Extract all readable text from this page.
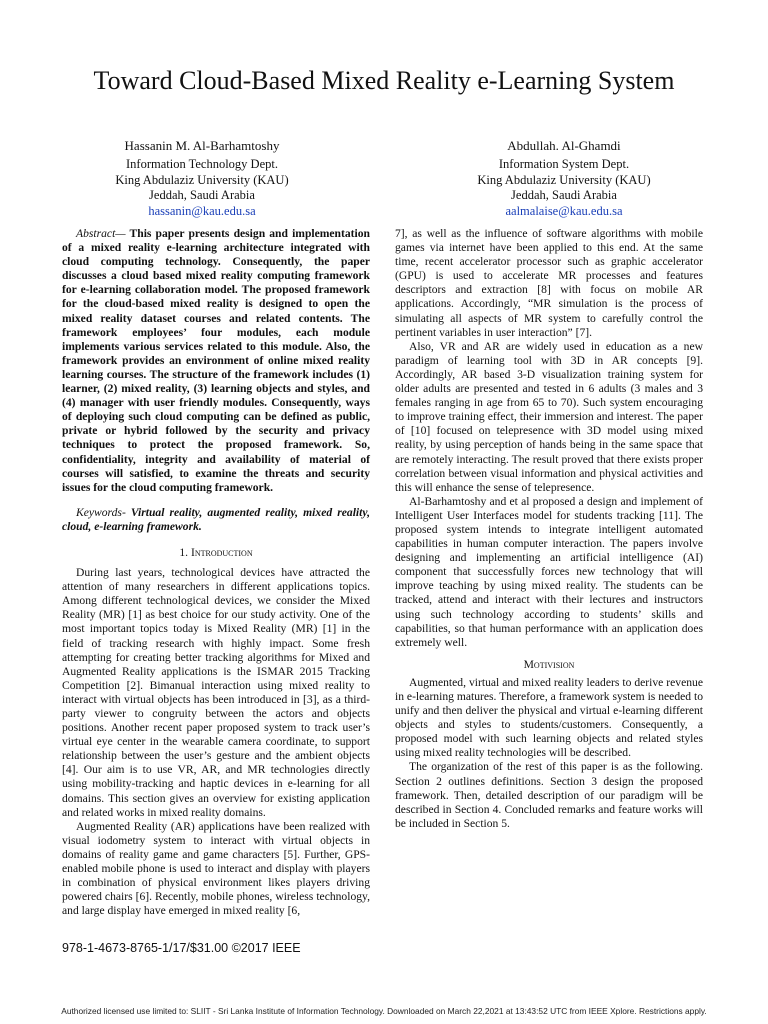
Toward Cloud-Based Mixed Reality e-Learning System
Hassanin M. Al-Barhamtoshy
Information Technology Dept.
King Abdulaziz University (KAU)
Jeddah, Saudi Arabia
hassanin@kau.edu.sa
Abdullah. Al-Ghamdi
Information System Dept.
King Abdulaziz University (KAU)
Jeddah, Saudi Arabia
aalmalaise@kau.edu.sa

Abstract— This paper presents design and implementation of a mixed reality e-learning architecture integrated with cloud computing technology. Consequently, the paper discusses a cloud based mixed reality computing framework for e-learning collaboration model. The proposed framework for the cloud-based mixed reality is designed to open the mixed reality dataset courses and related contents. The framework employees’ four modules, each module implements various services related to this module. Also, the framework provides an environment of online mixed reality learning courses. The structure of the framework includes (1) learner, (2) mixed reality, (3) learning objects and styles, and (4) manager with user friendly modules. Consequently, ways of deploying such cloud computing can be defined as public, private or hybrid followed by the security and privacy techniques to protect the proposed framework. So, confidentiality, integrity and availability of material of courses will satisfied, to examine the threats and security issues for the cloud computing framework.

Keywords- Virtual reality, augmented reality, mixed reality, cloud, e-learning framework.

1. Introduction

During last years, technological devices have attracted the attention of many researchers in different applications topics. Among different technological devices, we consider the Mixed Reality (MR) [1] as best choice for our study activity. One of the most important topics today is Mixed Reality (MR) [1] in the field of tracking research with highly impact. Some fresh attempting for creating better tracking algorithms for Mixed and Augmented Reality applications is the ISMAR 2015 Tracking Competition [2]. Bimanual interaction using mixed reality to interact with virtual objects has been introduced in [3], as a third-party viewer to congruity between the actors and objects positions. Another recent paper proposed system to track user’s virtual eye center in the wearable camera coordinate, to support relationship between the user’s gesture and the ambient objects [4]. Our aim is to use VR, AR, and MR technologies directly using mobility-tracking and haptic devices in e-learning for all domains. This section gives an overview for existing application and related works in mixed reality domains.

Augmented Reality (AR) applications have been realized with visual iodometry system to interact with virtual objects in domains of reality game and game characters [5]. Further, GPS-enabled mobile phone is used to interact and display with players in combination of physical environment likes players driving powered chairs [6]. Recently, mobile phones, wireless technology, and large display have emerged in mixed reality [6,

7], as well as the influence of software algorithms with mobile games via internet have been applied to this end. At the same time, recent accelerator processor such as graphic accelerator (GPU) is used to accelerate MR processes and features descriptors and extraction [8] with focus on mobile AR applications. Accordingly, “MR simulation is the process of simulating all aspects of MR system to carefully control the pertinent variables in user interaction” [7].

Also, VR and AR are widely used in education as a new paradigm of learning tool with 3D in AR concepts [9]. Accordingly, AR based 3-D visualization training system for older adults are presented and tested in 6 adults (3 males and 3 females ranging in age from 65 to 70). Such system encouraging to improve training effect, their immersion and interest. The paper of [10] focused on telepresence with 3D model using mixed reality, by using perception of hands being in the same space that are remotely interacting. The result proved that there exists proper correlation between visual information and physical activities and this will enhance the sense of telepresence.

Al-Barhamtoshy and et al proposed a design and implement of Intelligent User Interfaces model for students tracking [11]. The proposed system intends to integrate intelligent automated capabilities in human computer interaction. The papers involve designing and implementing an artificial intelligence (AI) component that successfully forces new technology that will improve teaching by using mixed reality. The students can be tracked, attend and interact with their lectures and instructors using such technology according to students’ skills and capabilities, so that human performance with an application does extremely well.

Motivision

Augmented, virtual and mixed reality leaders to derive revenue in e-learning matures. Therefore, a framework system is needed to unify and then deliver the physical and virtual e-learning different objects and styles to students/customers. Consequently, a proposed model with such learning objects and related styles using mixed reality technologies will be described.

The organization of the rest of this paper is as the following. Section 2 outlines definitions. Section 3 design the proposed framework. Then, detailed description of our paradigm will be described in Section 4. Concluded remarks and feature works will be included in Section 5.

978-1-4673-8765-1/17/$31.00 ©2017 IEEE
Authorized licensed use limited to: SLIIT - Sri Lanka Institute of Information Technology. Downloaded on March 22,2021 at 13:43:52 UTC from IEEE Xplore. Restrictions apply.
